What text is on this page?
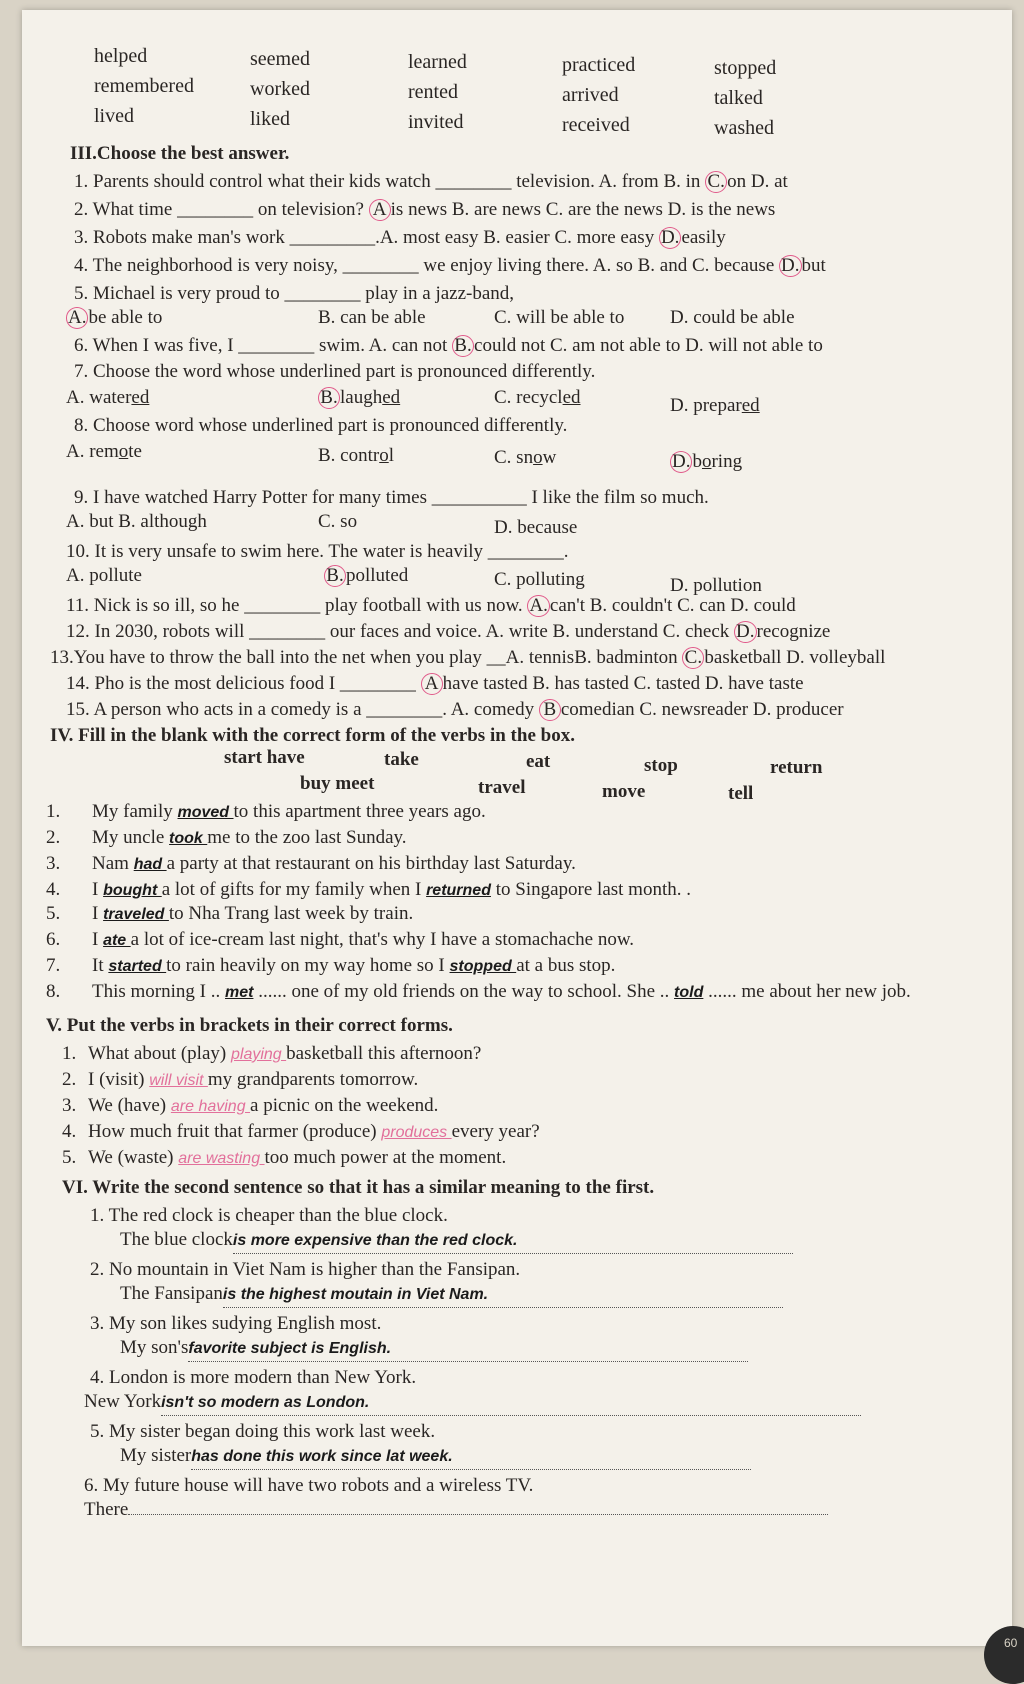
helped	seemed	learned	practiced	stopped
remembered	worked	rented	arrived	talked
lived	liked	invited	received	washed
III.Choose the best answer.
1. Parents should control what their kids watch ________ television. A. from B. in C. on D. at
2. What time ________ on television? A is news B. are news C. are the news D. is the news
3. Robots make man's work _________.A. most easy B. easier C. more easy D. easily
4. The neighborhood is very noisy, ________ we enjoy living there. A. so B. and C. because D. but
5. Michael is very proud to ________ play in a jazz-band,
A. be able to	B. can be able	C. will be able to D. could be able
6. When I was five, I ________ swim. A. can not B. could not C. am not able to D. will not able to
7. Choose the word whose underlined part is pronounced differently.
A. watered	B. laughed	C. recycled	D. prepared
8. Choose word whose underlined part is pronounced differently.
A. remote	B. control	C. snow	D. boring
9. I have watched Harry Potter for many times __________ I like the film so much.
A. but B. although	C. so	D. because
10. It is very unsafe to swim here. The water is heavily ________.
A. pollute	B. polluted	C. polluting	D. pollution
11. Nick is so ill, so he ________ play football with us now. A. can't B. couldn't C. can D. could
12. In 2030, robots will ________ our faces and voice. A. write B. understand C. check D. recognize
13.You have to throw the ball into the net when you play __A. tennisB. badminton C. basketball D. volleyball
14. Pho is the most delicious food I ________ A have tasted B. has tasted C. tasted D. have taste
15. A person who acts in a comedy is a ________. A. comedy B comedian C. newsreader D. producer
IV. Fill in the blank with the correct form of the verbs in the box.
start have	take	eat	stop	return
buy meet	travel	move	tell
1. My family moved to this apartment three years ago.
2. My uncle took me to the zoo last Sunday.
3. Nam had a party at that restaurant on his birthday last Saturday.
4. I bought a lot of gifts for my family when I returned to Singapore last month. .
5. I traveled to Nha Trang last week by train.
6. I ate a lot of ice-cream last night, that's why I have a stomachache now.
7. It started to rain heavily on my way home so I stopped at a bus stop.
8. This morning I .. met ...... one of my old friends on the way to school. She .. told ...... me about her new job.
V. Put the verbs in brackets in their correct forms.
1. What about (play) playing basketball this afternoon?
2. I (visit) will visit my grandparents tomorrow.
3. We (have) are having a picnic on the weekend.
4. How much fruit that farmer (produce) produces every year?
5. We (waste) are wasting too much power at the moment.
VI. Write the second sentence so that it has a similar meaning to the first.
1. The red clock is cheaper than the blue clock.
The blue clockis more expensive than the red clock.
2. No mountain in Viet Nam is higher than the Fansipan.
The Fansipanis the highest moutain in Viet Nam.
3. My son likes sudying English most.
My son'sfavorite subject is English.
4. London is more modern than New York.
New Yorkisn't so modern as London.
5. My sister began doing this work last week.
My sisterhas done this work since lat week.
6. My future house will have two robots and a wireless TV.
There
60
